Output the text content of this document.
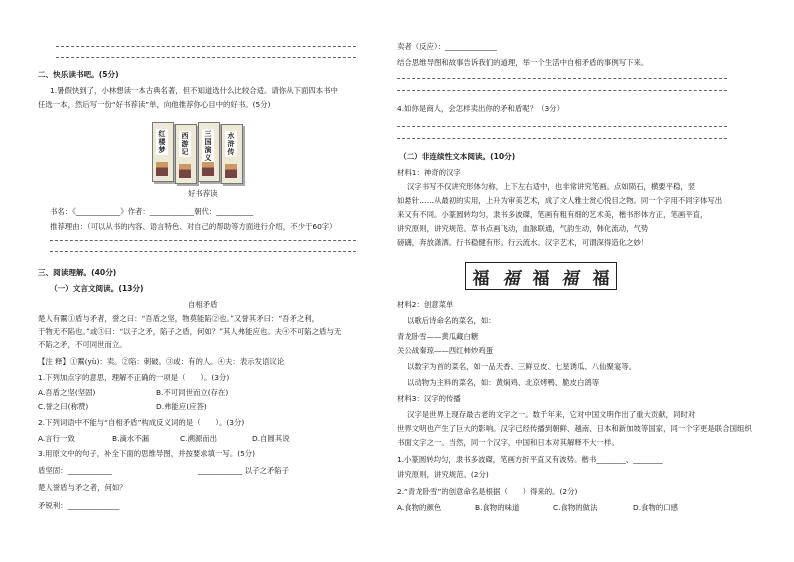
二、快乐读书吧。(5分)
1.暑假快到了，小林想读一本古典名著，但不知道选什么比较合适。请你从下面四本书中
任选一本，然后写一份“好书荐读”单，向他推荐你心目中的好书。(5分)
红楼梦
西游记
三国演义
水浒传
好书荐读
书名：《____________》作者：____________朝代：__________
推荐理由：（可以从书的内容、语言特色、对自己的帮助等方面进行介绍，不少于60字）
三、阅读理解。(40分)
（一）文言文阅读。(13分)
自相矛盾
楚人有鬻①盾与矛者，誉之曰：“吾盾之坚，物莫能陷②也。”又誉其矛曰：“吾矛之利，
于物无不陷也。”或③曰：“以子之矛，陷子之盾，何如？”其人弗能应也。夫④不可陷之盾与无
不陷之矛，不可同世而立。
【注 释】①鬻(yù)：卖。②陷：刺破。③或：有的人。④夫：表示发语议论
1.下列加点字的意思，理解不正确的一项是（　　）。(3分)
A.吾盾之坚(坚固)	B.不可同世而立(存在)
C.誉之曰(称赞)	D.弗能应(应答)
2.下列词语中不能与“自相矛盾”构成反义词的是（　　）。(3分)
A.言行一致	B.滴水不漏	C.溯源而出	D.自圆其说
3.用原文中的句子，补全下面的思维导图，并按要求填一写。(5分)
盾坚固：____________	____________ 以子之矛陷子
楚人誉盾与矛之者，何如？
矛锐利：______________
卖者（反应）：______________
结合思维导图和故事告诉我们的道理，举一个生活中自相矛盾的事例写下来。
4.如你是商人，会怎样卖出你的矛和盾呢？（3分）
（二）非连续性文本阅读。(10分)
材料1：神奇的汉字
汉字书写不仅讲究形体匀称，上下左右适中，也非常讲究笔画。点如陨石，横要平稳，竖
如悬针……从最初的实用，上升为审美艺术，成了文人雅士赏心悦目之物。同一个字用不同字体写出
来又有不同。小篆圆转均匀，隶书多波磔，笔画有粗有细的艺术美，楷书形体方正，笔画平直，
讲究原则，讲究规范。草书点画飞动，血脉联通，气韵生动，韩化流动，气势
磅礴，奔放潇洒。行书稳健有形。行云流水。汉字艺术，可谓深得造化之妙！
福 福 福 福 福
材料2：创意菜单
以歌后诗命名的菜名，如：
青龙卧雪——黄瓜藏白糖
关公战秦琼——西红柿炒鸡蛋
以数字为首的菜名，如一品天香、三鲜豆皮、七星诱瓜、八仙聚宴等。
以动物为主料的菜名，如：黄焖鸡、北京烤鸭、脆皮白鸽等
材料3：汉字的传播
汉字是世界上现存最古老的文字之一。数千年来，它对中国文明作出了重大贡献，同时对
世界文明也产生了巨大的影响。汉字已经传播到朝鲜、越南、日本和新加坡等国家，同一个字更是联合国组织
书面文字之一。当然，同一个汉字，中国和日本对其解释不大一样。
1.小篆圆转均匀，隶书多波磔，笔画方折平直又有波势。楷书________、________
讲究原则，讲究规范。(2分)
2.“青龙卧雪”的创意命名是根据（　　）得来的。(2分)
A.食物的颜色	B.食物的味道	C.食物的做法	D.食物的口感
